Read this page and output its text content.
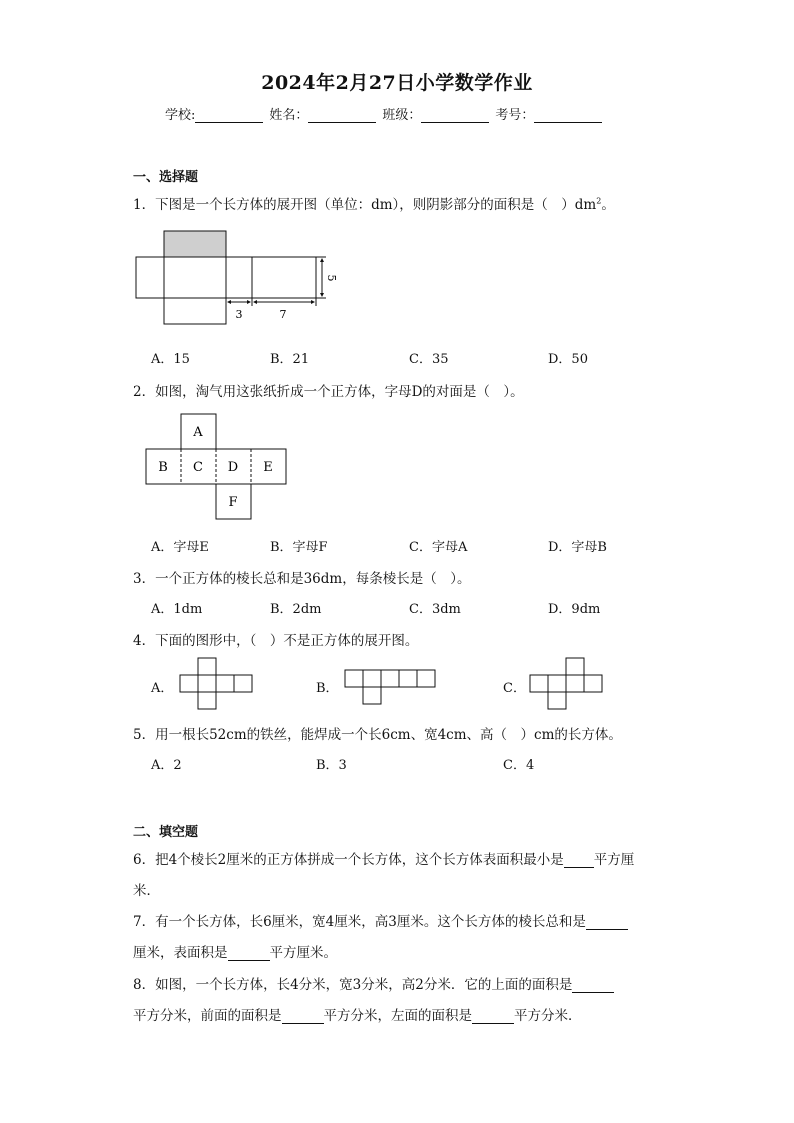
2024年2月27日小学数学作业
学校:	姓名：	班级：	考号：
一、选择题
1．下图是一个长方体的展开图（单位：dm），则阴影部分的面积是（　）$dm^2$。
3	7
5
A．15	B．21	C．35	D．50
2．如图，淘气用这张纸折成一个正方体，字母D的对面是（　）。
A
B C D E
F
A．字母E	B．字母F	C．字母A	D．字母B
3．一个正方体的棱长总和是36dm，每条棱长是（　）。
A．1dm	B．2dm	C．3dm	D．9dm
4．下面的图形中，（　）不是正方体的展开图。
A．	B．	C．
5．用一根长52cm的铁丝，能焊成一个长6cm、宽4cm、高（　）cm的长方体。
A．2	B．3	C．4
二、填空题
6．把4个棱长2厘米的正方体拼成一个长方体，这个长方体表面积最小是 平方厘
米．
7．有一个长方体，长6厘米，宽4厘米，高3厘米。这个长方体的棱长总和是
厘米，表面积是	平方厘米。
8．如图，一个长方体，长4分米，宽3分米，高2分米．它的上面的面积是
平方分米，前面的面积是	平方分米，左面的面积是	平方分米．
